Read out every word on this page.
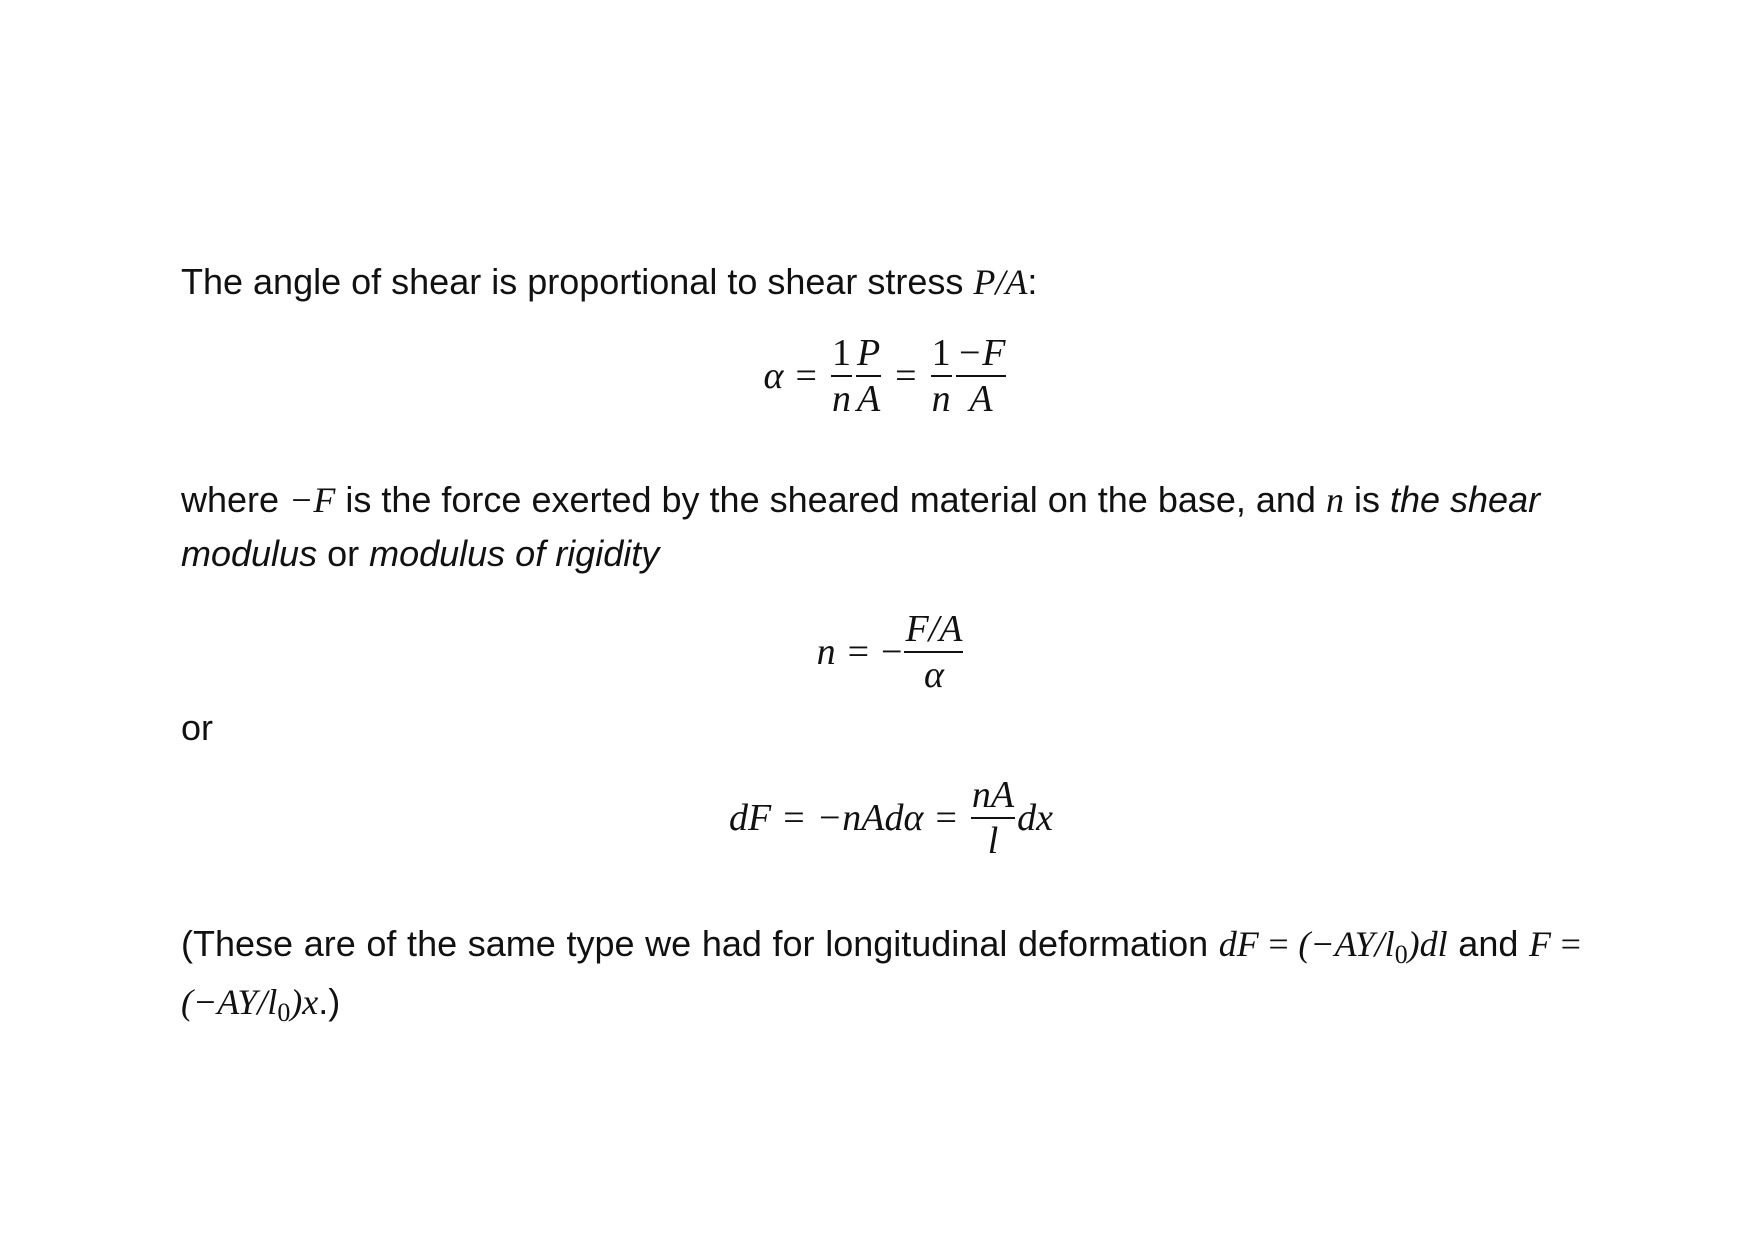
The angle of shear is proportional to shear stress P/A:

$\alpha = \frac{1}{n} \frac{P}{A} = \frac{1}{n} \frac{-F}{A}$

where −F is the force exerted by the sheared material on the base, and n is the shear modulus or modulus of rigidity

n = − $\frac{F/A}{\alpha}$

or

dF = $-nAd\alpha = \frac{nA}{l}$ dx

(These are of the same type we had for longitudinal deformation dF = $(-AY/l_0)dl$ and $F = (-AY/l_0)x$.)
